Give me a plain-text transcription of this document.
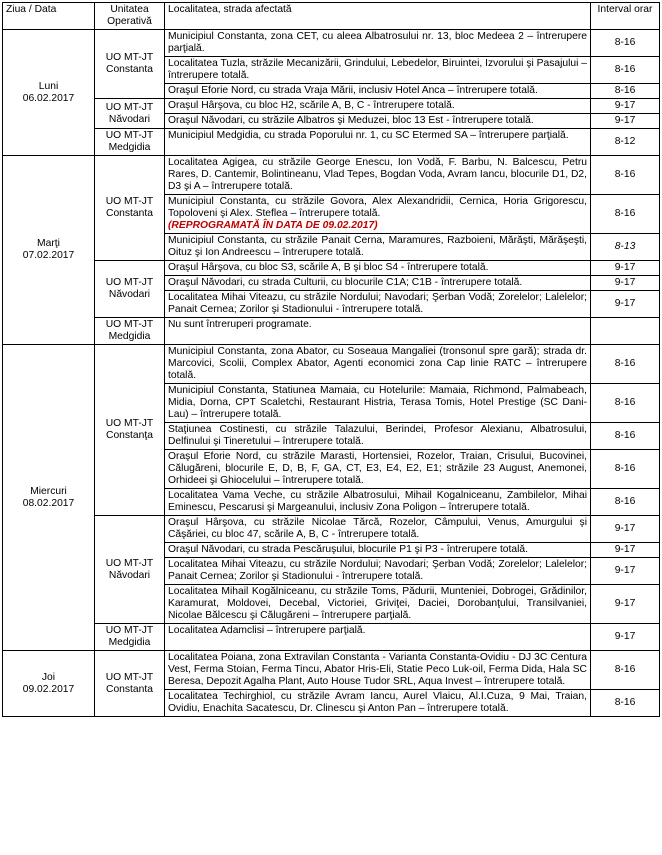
Ziua / Data	Unitatea Operativă	Localitatea, strada afectată	Interval orar

Luni
06.02.2017	UO MT-JT Constanta	Municipiul Constanta, zona CET, cu aleea Albatrosului nr. 13, bloc Medeea 2 – întrerupere parţială.	8-16
		Localitatea Tuzla, străzile Mecanizării, Grindului, Lebedelor, Biruintei, Izvorului şi Pasajului – întrerupere totală.	8-16
		Oraşul Eforie Nord, cu strada Vraja Mării, inclusiv Hotel Anca – întrerupere totală.	8-16
	UO MT-JT Năvodari	Oraşul Hârşova, cu bloc H2, scările A, B, C - întrerupere totală.	9-17
		Oraşul Năvodari, cu străzile Albatros şi Meduzei, bloc 13 Est - întrerupere totală.	9-17
	UO MT-JT Medgidia	Municipiul Medgidia, cu strada Poporului nr. 1, cu SC Etermed SA – întrerupere parţială.	8-12

Marţi
07.02.2017	UO MT-JT Constanta	Localitatea Agigea, cu străzile George Enescu, Ion Vodă, F. Barbu, N. Balcescu, Petru Rares, D. Cantemir, Bolintineanu, Vlad Tepes, Bogdan Voda, Avram Iancu, blocurile D1, D2, D3 şi A – întrerupere totală.	8-16
		Municipiul Constanta, cu străzile Govora, Alex Alexandridii, Cernica, Horia Grigorescu, Topoloveni şi Alex. Steflea – întrerupere totală.
(REPROGRAMATĂ ÎN DATA DE 09.02.2017)	8-16
		Municipiul Constanta, cu străzile Panait Cerna, Maramures, Razboieni, Mărăşti, Mărăşeşti, Oituz şi Ion Andreescu – întrerupere totală.	8-13
	UO MT-JT Năvodari	Oraşul Hârşova, cu bloc S3, scările A, B şi bloc S4 - întrerupere totală.	9-17
		Oraşul Năvodari, cu strada Culturii, cu blocurile C1A; C1B - întrerupere totală.	9-17
		Localitatea Mihai Viteazu, cu străzile Nordului; Navodari; Şerban Vodă; Zorelelor; Lalelelor; Panait Cernea; Zorilor şi Stadionului - întrerupere totală.	9-17
	UO MT-JT Medgidia	Nu sunt întreruperi programate.	

Miercuri
08.02.2017	UO MT-JT Constanţa	Municipiul Constanta, zona Abator, cu Soseaua Mangaliei (tronsonul spre gară); strada dr. Marcovici, Scolii, Complex Abator, Agenti economici zona Cap linie RATC – întrerupere totală.	8-16
		Municipiul Constanta, Statiunea Mamaia, cu Hotelurile: Mamaia, Richmond, Palmabeach, Midia, Dorna, CPT Scaletchi, Restaurant Histria, Terasa Tomis, Hotel Prestige (SC Dani-Lau) – întrerupere totală.	8-16
		Staţiunea Costinesti, cu străzile Talazului, Berindei, Profesor Alexianu, Albatrosului, Delfinului şi Tineretului – întrerupere totală.	8-16
		Oraşul Eforie Nord, cu străzile Marasti, Hortensiei, Rozelor, Traian, Crisului, Bucovinei, Călugăreni, blocurile E, D, B, F, GA, CT, E3, E4, E2, E1; străzile 23 August, Anemonei, Orhideei şi Ghiocelului – întrerupere totală.	8-16
		Localitatea Vama Veche, cu străzile Albatrosului, Mihail Kogalniceanu, Zambilelor, Mihai Eminescu, Pescarusi şi Margeanului, inclusiv Zona Poligon – întrerupere totală.	8-16
	UO MT-JT Năvodari	Oraşul Hârşova, cu străzile Nicolae Tărcă, Rozelor, Câmpului, Venus, Amurgului şi Căşăriei, cu bloc 47, scările A, B, C - întrerupere totală.	9-17
		Oraşul Năvodari, cu strada Pescăruşului, blocurile P1 şi P3 - întrerupere totală.	9-17
		Localitatea Mihai Viteazu, cu străzile Nordului; Navodari; Şerban Vodă; Zorelelor; Lalelelor; Panait Cernea; Zorilor şi Stadionului - întrerupere totală.	9-17
		Localitatea Mihail Kogălniceanu, cu străzile Toms, Pădurii, Munteniei, Dobrogei, Grădinilor, Karamurat, Moldovei, Decebal, Victoriei, Griviţei, Daciei, Dorobanţului, Transilvaniei, Nicolae Bălcescu şi Călugăreni – întrerupere parţială.	9-17
	UO MT-JT Medgidia	Localitatea Adamclisi – întrerupere parţială.	9-17

Joi
09.02.2017	UO MT-JT Constanta	Localitatea Poiana, zona Extravilan Constanta - Varianta Constanta-Ovidiu - DJ 3C Centura Vest, Ferma Stoian, Ferma Tincu, Abator Hris-Eli, Statie Peco Luk-oil, Ferma Dida, Hala SC Beresa, Depozit Agalha Plant, Auto House Tudor SRL, Aqua Invest – întrerupere totală.	8-16
		Localitatea Techirghiol, cu străzile Avram Iancu, Aurel Vlaicu, Al.I.Cuza, 9 Mai, Traian, Ovidiu, Enachita Sacatescu, Dr. Clinescu şi Anton Pan – întrerupere totală.	8-16
